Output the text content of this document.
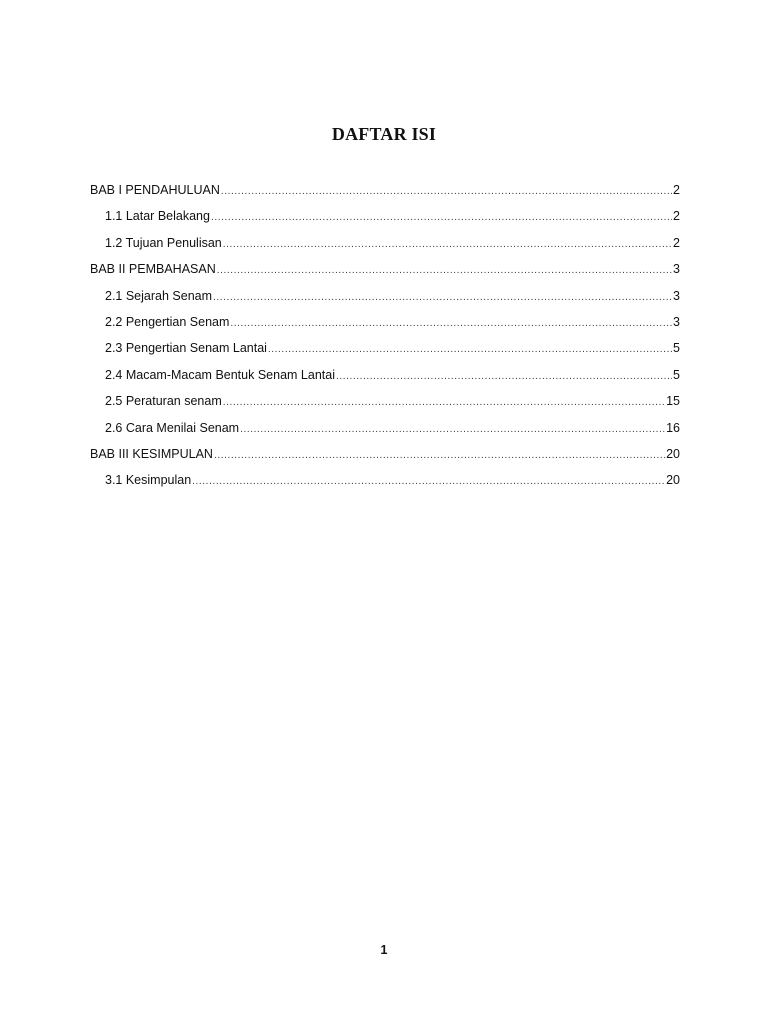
DAFTAR ISI
BAB I PENDAHULUAN .....	2
1.1 Latar Belakang .....	2
1.2 Tujuan Penulisan .....	2
BAB II PEMBAHASAN .....	3
2.1 Sejarah Senam .....	3
2.2 Pengertian Senam .....	3
2.3 Pengertian Senam Lantai .....	5
2.4 Macam-Macam Bentuk Senam Lantai .....	5
2.5 Peraturan senam .....	15
2.6 Cara Menilai Senam .....	16
BAB III KESIMPULAN .....	20
3.1 Kesimpulan .....	20
1
